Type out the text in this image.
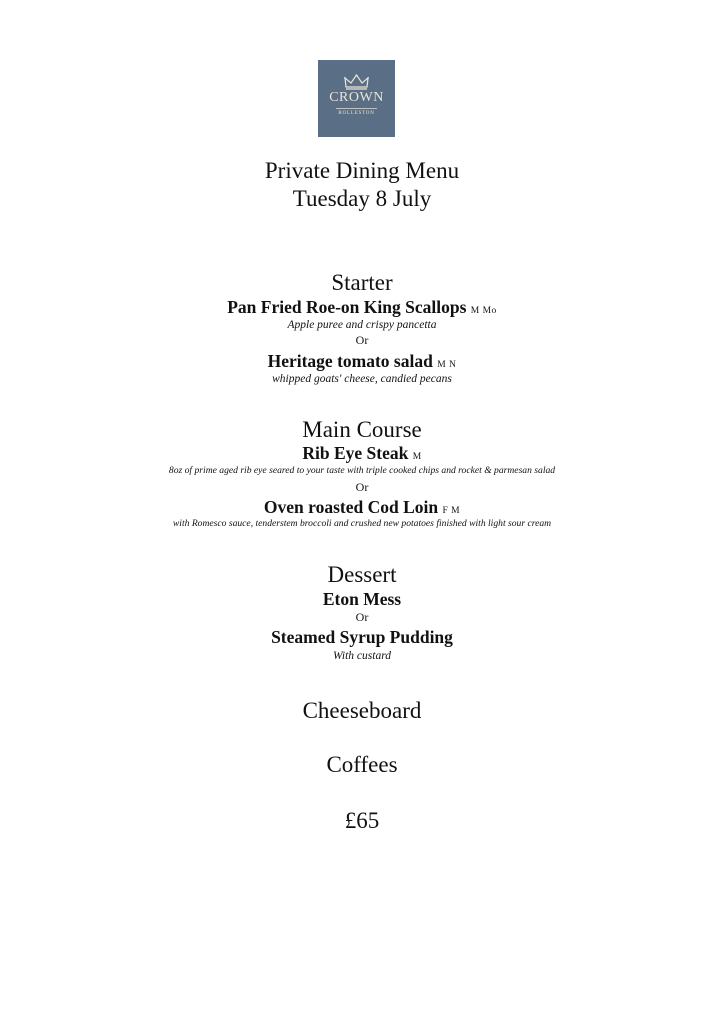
CROWN
ROLLESTON
Private Dining Menu
Tuesday 8 July
Starter
Pan Fried Roe-on King Scallops M Mo
Apple puree and crispy pancetta
Or
Heritage tomato salad M N
whipped goats' cheese, candied pecans
Main Course
Rib Eye Steak M
8oz of prime aged rib eye seared to your taste with triple cooked chips and rocket & parmesan salad
Or
Oven roasted Cod Loin F M
with Romesco sauce, tenderstem broccoli and crushed new potatoes finished with light sour cream
Dessert
Eton Mess
Or
Steamed Syrup Pudding
With custard
Cheeseboard
Coffees
£65
